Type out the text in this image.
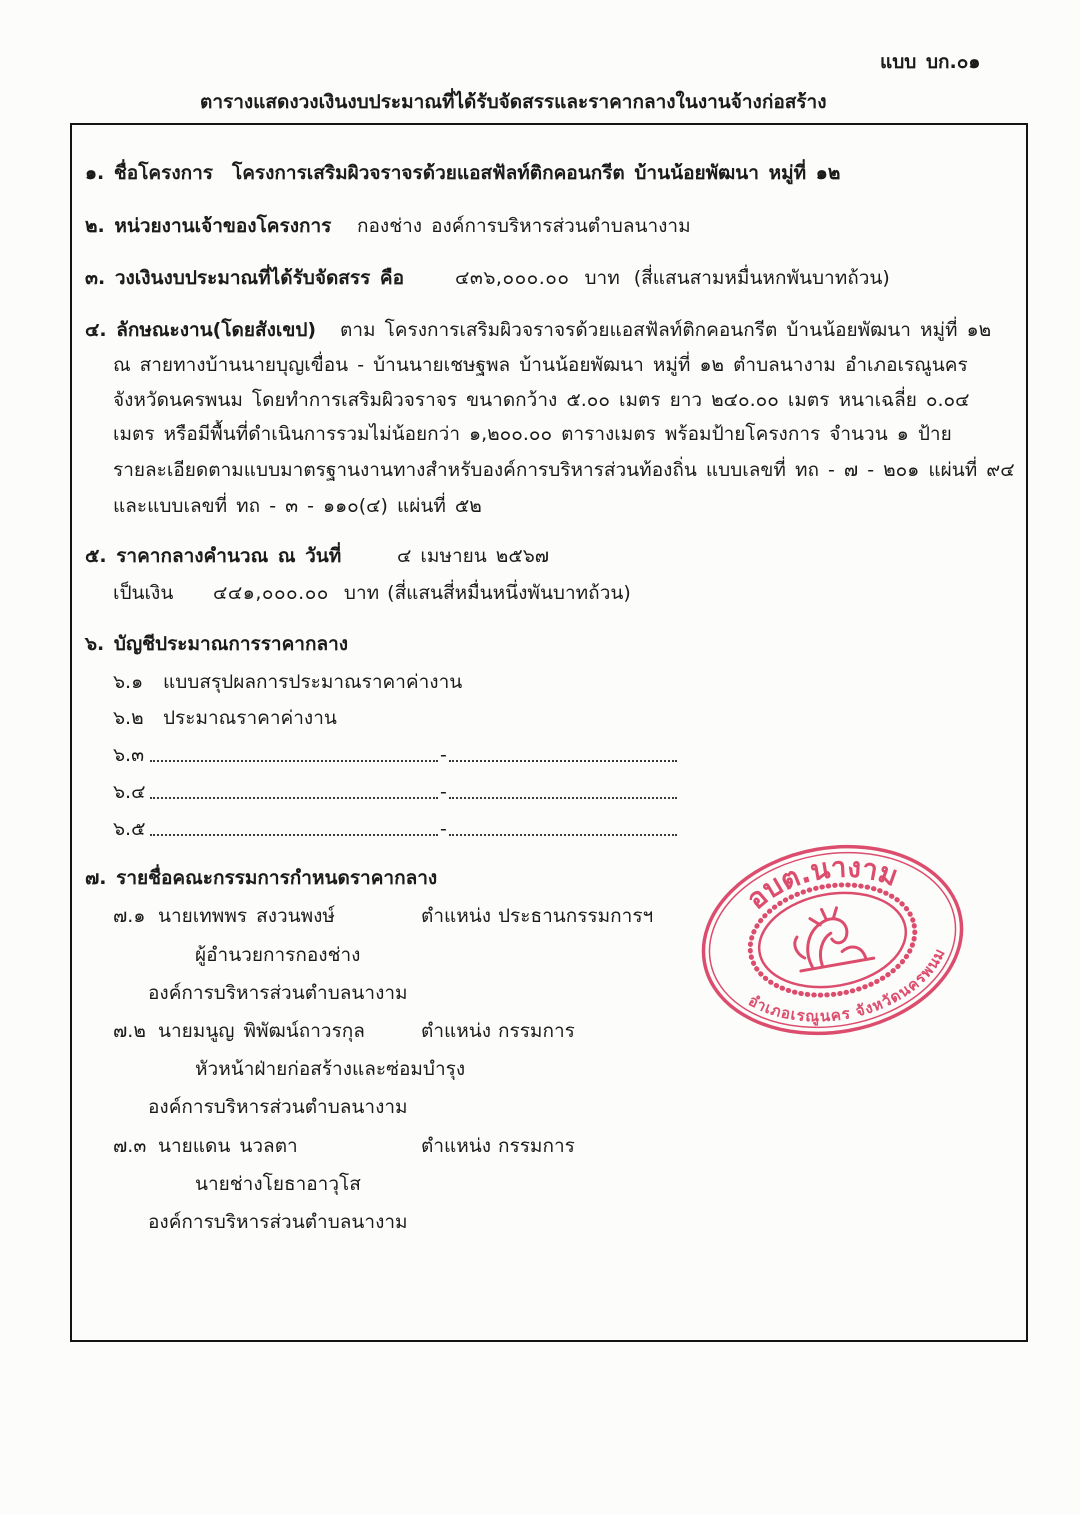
แบบ บก.๐๑
ตารางแสดงวงเงินงบประมาณที่ได้รับจัดสรรและราคากลางในงานจ้างก่อสร้าง
๑. ชื่อโครงการ	โครงการเสริมผิวจราจรด้วยแอสฟัลท์ติกคอนกรีต บ้านน้อยพัฒนา หมู่ที่ ๑๒
๒. หน่วยงานเจ้าของโครงการ	กองช่าง องค์การบริหารส่วนตำบลนางาม
๓. วงเงินงบประมาณที่ได้รับจัดสรร คือ	๔๓๖,๐๐๐.๐๐ บาท (สี่แสนสามหมื่นหกพันบาทถ้วน)
๔. ลักษณะงาน(โดยสังเขป)	ตาม โครงการเสริมผิวจราจรด้วยแอสฟัลท์ติกคอนกรีต บ้านน้อยพัฒนา หมู่ที่ ๑๒
ณ สายทางบ้านนายบุญเขื่อน - บ้านนายเชษฐพล บ้านน้อยพัฒนา หมู่ที่ ๑๒ ตำบลนางาม อำเภอเรณูนคร
จังหวัดนครพนม โดยทำการเสริมผิวจราจร ขนาดกว้าง ๕.๐๐ เมตร ยาว ๒๔๐.๐๐ เมตร หนาเฉลี่ย ๐.๐๔
เมตร หรือมีพื้นที่ดำเนินการรวมไม่น้อยกว่า ๑,๒๐๐.๐๐ ตารางเมตร พร้อมป้ายโครงการ จำนวน ๑ ป้าย
รายละเอียดตามแบบมาตรฐานงานทางสำหรับองค์การบริหารส่วนท้องถิ่น แบบเลขที่ ทถ - ๗ - ๒๐๑ แผ่นที่ ๙๔
และแบบเลขที่ ทถ - ๓ - ๑๑๐(๔) แผ่นที่ ๕๒
๕. ราคากลางคำนวณ ณ วันที่	๔ เมษายน ๒๕๖๗
เป็นเงิน	๔๔๑,๐๐๐.๐๐ บาท (สี่แสนสี่หมื่นหนึ่งพันบาทถ้วน)
๖. บัญชีประมาณการราคากลาง
๖.๑	แบบสรุปผลการประมาณราคาค่างาน
๖.๒	ประมาณราคาค่างาน
๖.๓	-
๖.๔	-
๖.๕	-
๗. รายชื่อคณะกรรมการกำหนดราคากลาง
๗.๑ นายเทพพร สงวนพงษ์	ตำแหน่ง ประธานกรรมการฯ
ผู้อำนวยการกองช่าง
องค์การบริหารส่วนตำบลนางาม
๗.๒ นายมนูญ พิพัฒน์ถาวรกุล	ตำแหน่ง กรรมการ
หัวหน้าฝ่ายก่อสร้างและซ่อมบำรุง
องค์การบริหารส่วนตำบลนางาม
๗.๓ นายแดน นวลตา	ตำแหน่ง กรรมการ
นายช่างโยธาอาวุโส
องค์การบริหารส่วนตำบลนางาม
อบต.นางาม
อำเภอเรณูนคร จังหวัดนครพนม
